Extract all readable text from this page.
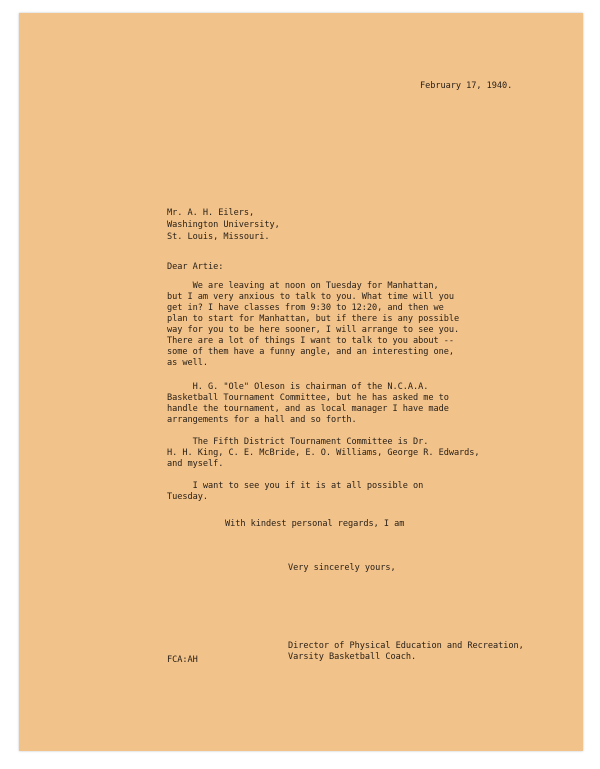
February 17, 1940.
Mr. A. H. Eilers,
Washington University,
St. Louis, Missouri.
Dear Artie:
We are leaving at noon on Tuesday for Manhattan,
but I am very anxious to talk to you. What time will you
get in? I have classes from 9:30 to 12:20, and then we
plan to start for Manhattan, but if there is any possible
way for you to be here sooner, I will arrange to see you.
There are a lot of things I want to talk to you about --
some of them have a funny angle, and an interesting one,
as well.
H. G. "Ole" Oleson is chairman of the N.C.A.A.
Basketball Tournament Committee, but he has asked me to
handle the tournament, and as local manager I have made
arrangements for a hall and so forth.
The Fifth District Tournament Committee is Dr.
H. H. King, C. E. McBride, E. O. Williams, George R. Edwards,
and myself.
I want to see you if it is at all possible on
Tuesday.
With kindest personal regards, I am
Very sincerely yours,
Director of Physical Education and Recreation,
Varsity Basketball Coach.
FCA:AH
